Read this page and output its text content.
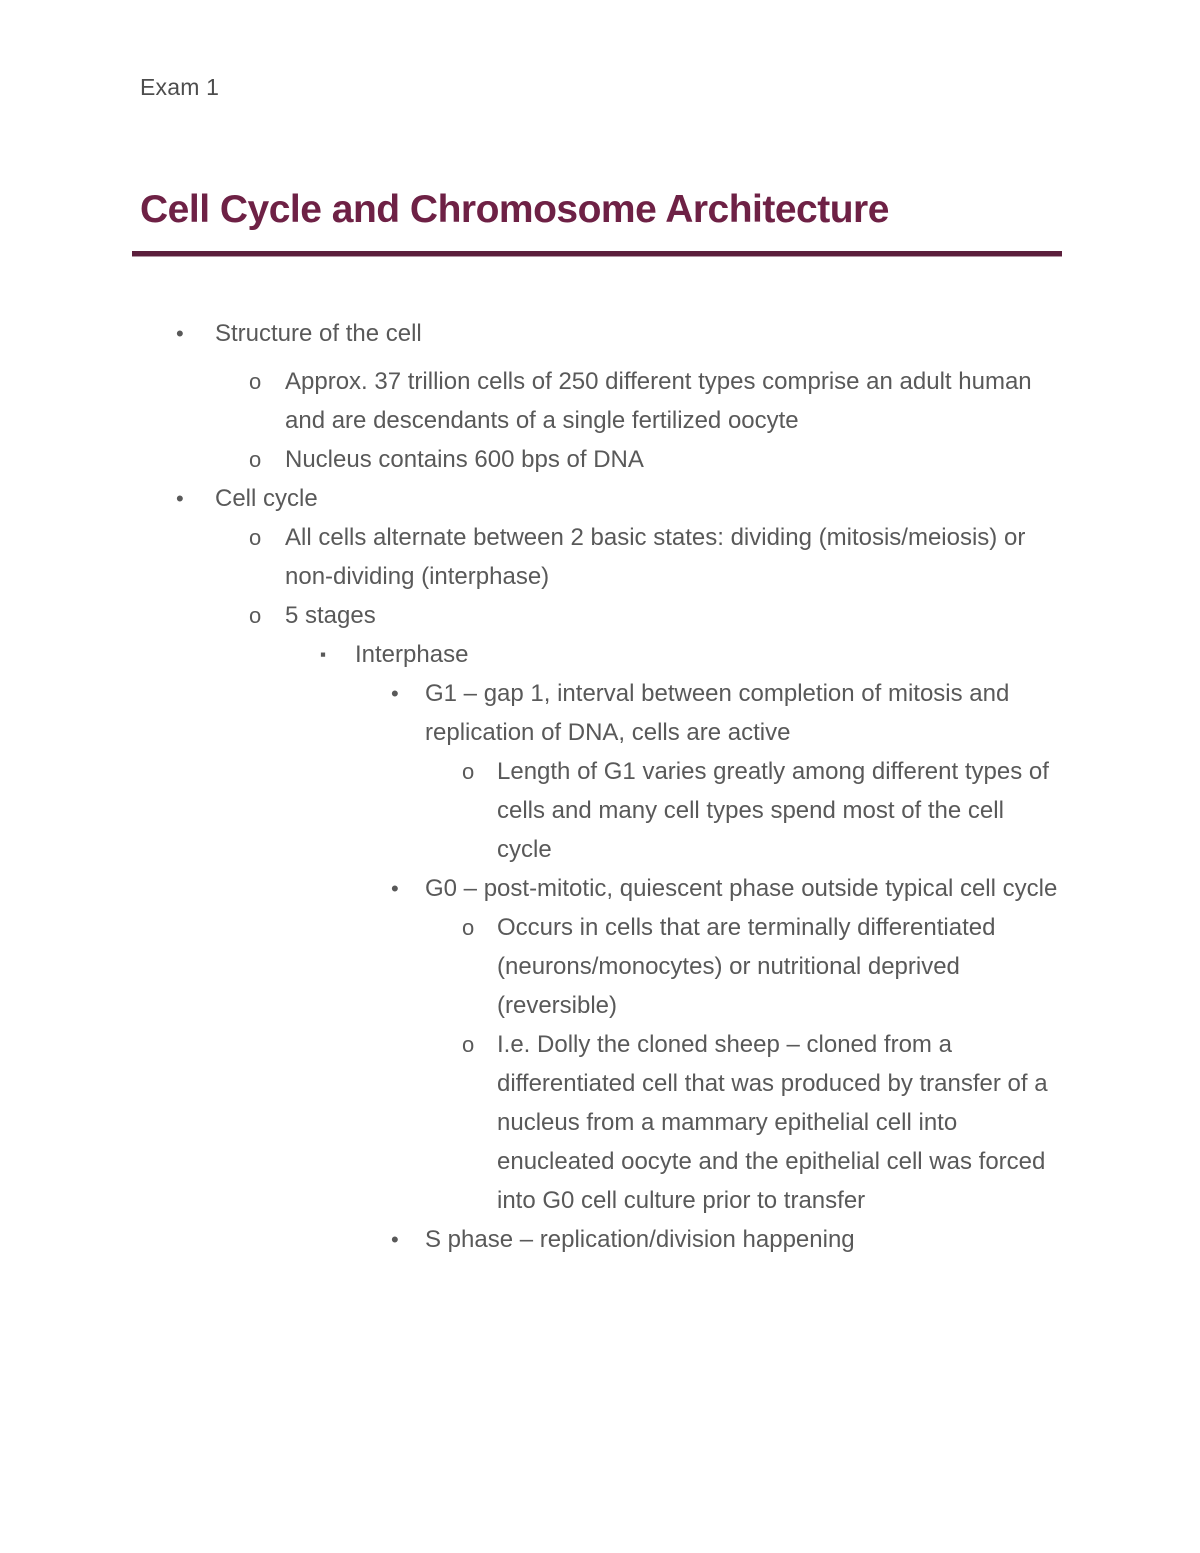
Exam 1
Cell Cycle and Chromosome Architecture
• Structure of the cell
o Approx. 37 trillion cells of 250 different types comprise an adult human and are descendants of a single fertilized oocyte
o Nucleus contains 600 bps of DNA
• Cell cycle
o All cells alternate between 2 basic states: dividing (mitosis/meiosis) or non-dividing (interphase)
o 5 stages
▪ Interphase
• G1 – gap 1, interval between completion of mitosis and replication of DNA, cells are active
o Length of G1 varies greatly among different types of cells and many cell types spend most of the cell cycle
• G0 – post-mitotic, quiescent phase outside typical cell cycle
o Occurs in cells that are terminally differentiated (neurons/monocytes) or nutritional deprived (reversible)
o I.e. Dolly the cloned sheep – cloned from a differentiated cell that was produced by transfer of a nucleus from a mammary epithelial cell into enucleated oocyte and the epithelial cell was forced into G0 cell culture prior to transfer
• S phase – replication/division happening
